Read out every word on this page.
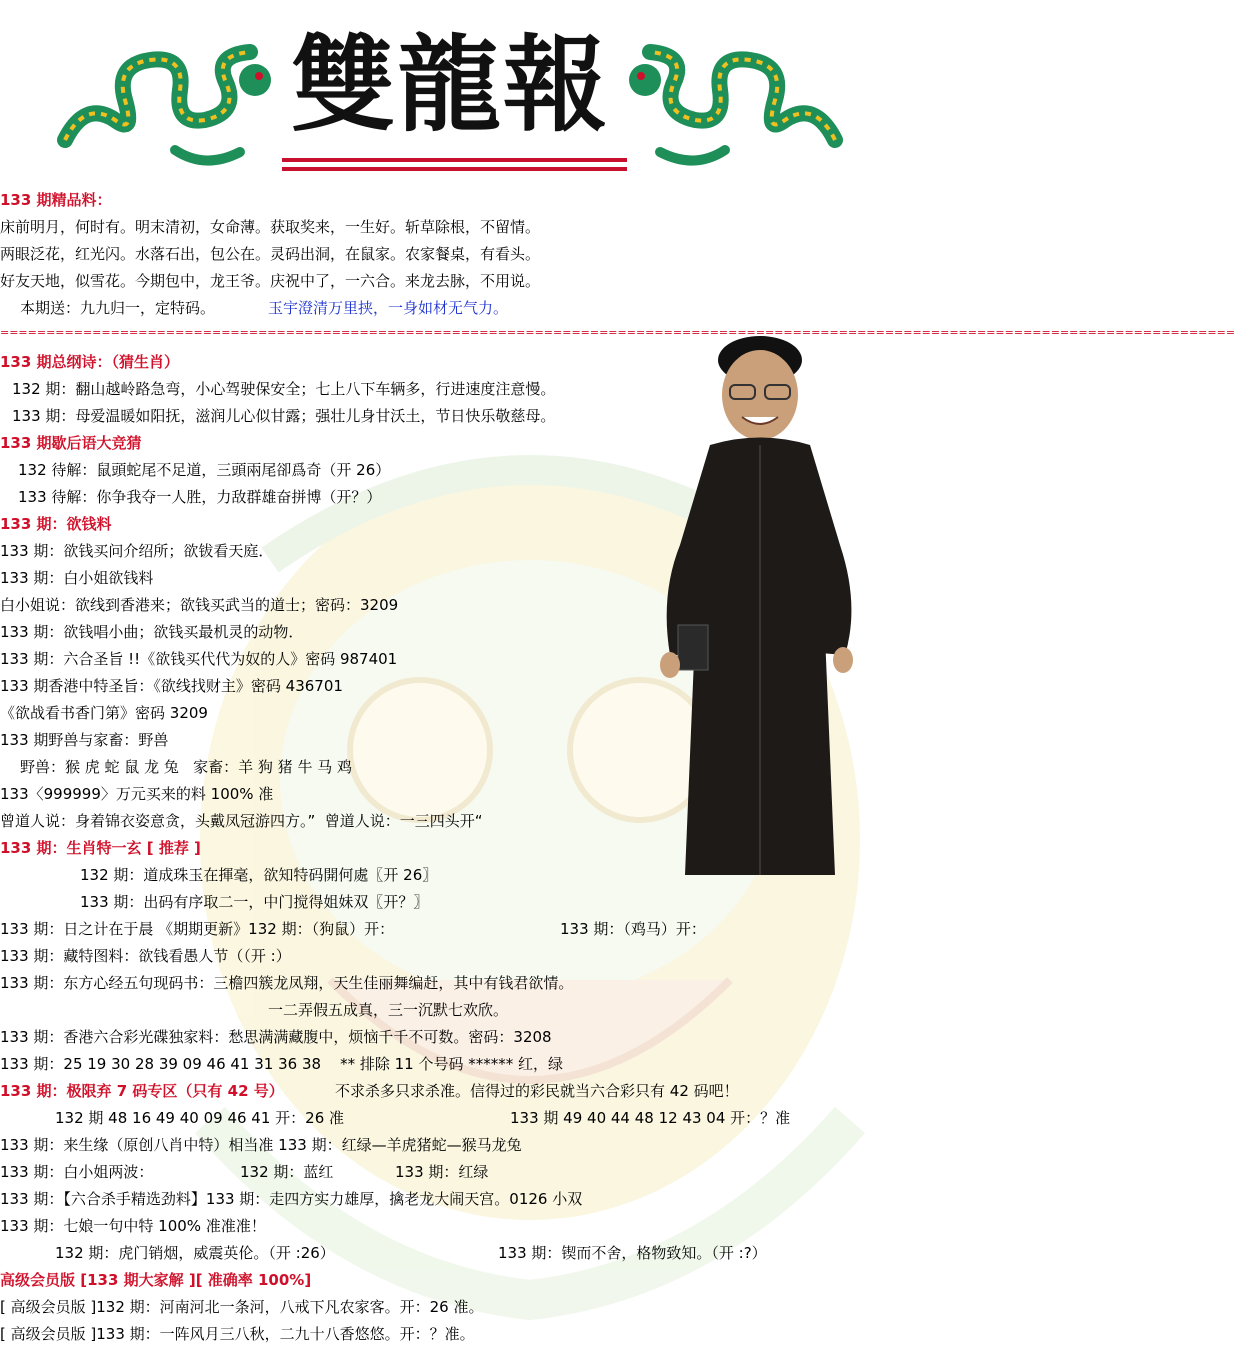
雙龍報
133 期精品料：
床前明月，何时有。明末清初，女命薄。获取奖来，一生好。斩草除根，不留情。
两眼泛花，红光闪。水落石出，包公在。灵码出洞，在鼠家。农家餐桌，有看头。
好友天地，似雪花。今期包中，龙王爷。庆祝中了，一六合。来龙去脉，不用说。
本期送：九九归一，定特码。	玉宇澄清万里挟，一身如材无气力。
======================================================================================================================================
133 期总纲诗：（猜生肖）
132 期：翻山越岭路急弯，小心驾驶保安全；七上八下车辆多，行进速度注意慢。
133 期：母爱温暖如阳抚，滋润儿心似甘露；强壮儿身甘沃土，节日快乐敬慈母。
133 期歇后语大竞猜
132 待解：鼠頭蛇尾不足道，三頭兩尾卻爲奇（开 26）
133 待解：你争我夺一人胜，力敌群雄奋拼博（开？）
133 期：欲钱料
133 期：欲钱买问介绍所；欲钹看天庭．
133 期：白小姐欲钱料
白小姐说：欲线到香港来；欲钱买武当的道士；密码：3209
133 期：欲钱唱小曲；欲钱买最机灵的动物．
133 期：六合圣旨 !!《欲钱买代代为奴的人》密码 987401
133 期香港中特圣旨：《欲线找财主》密码 436701
《欲战看书香门第》密码 3209
133 期野兽与家畜：野兽
野兽：猴 虎 蛇 鼠 龙 兔   家畜：羊 狗 猪 牛 马 鸡
133〈999999〉万元买来的料 100% 准
曾道人说：身着锦衣姿意贪，头戴凤冠游四方。”  曾道人说：一三四头开“
133 期：生肖特一玄 [ 推荐 ]
132 期：道成珠玉在揮毫，欲知特码開何處〖开 26〗
133 期：出码有序取二一，中门搅得姐妹双〖开？〗
133 期：日之计在于晨 《期期更新》132 期：（狗鼠）开：	133 期：（鸡马）开：
133 期：藏特图料：欲钱看愚人节（（开 :）
133 期：东方心经五句现码书：三檐四簇龙凤翔，天生佳丽舞编赶，其中有钱君欲情。
一二弄假五成真，三一沉默七欢欣。
133 期：香港六合彩光碟独家料：愁思满满藏腹中，烦恼千千不可数。密码：3208
133 期：25 19 30 28 39 09 46 41 31 36 38    ** 排除 11 个号码 ****** 红，绿
133 期：极限弃 7 码专区（只有 42 号）	不求杀多只求杀准。信得过的彩民就当六合彩只有 42 码吧！
132 期 48 16 49 40 09 46 41 开：26 准	133 期 49 40 44 48 12 43 04 开：？准
133 期：来生缘（原创八肖中特）相当准 133 期：红绿—羊虎猪蛇—猴马龙兔
133 期：白小姐两波：	132 期：蓝红	133 期：红绿
133 期：【六合杀手精选劲料】133 期：走四方实力雄厚，擒老龙大闹天宫。0126 小双
133 期：七娘一句中特 100% 准准准！
132 期：虎门销烟，威震英伦。（开 :26）	133 期：锲而不舍，格物致知。（开 :?）
高级会员版 [133 期大家解 ][ 准确率 100%]
[ 高级会员版 ]132 期：河南河北一条河，八戒下凡农家客。开：26 准。
[ 高级会员版 ]133 期：一阵风月三八秋，二九十八香悠悠。开：？准。
